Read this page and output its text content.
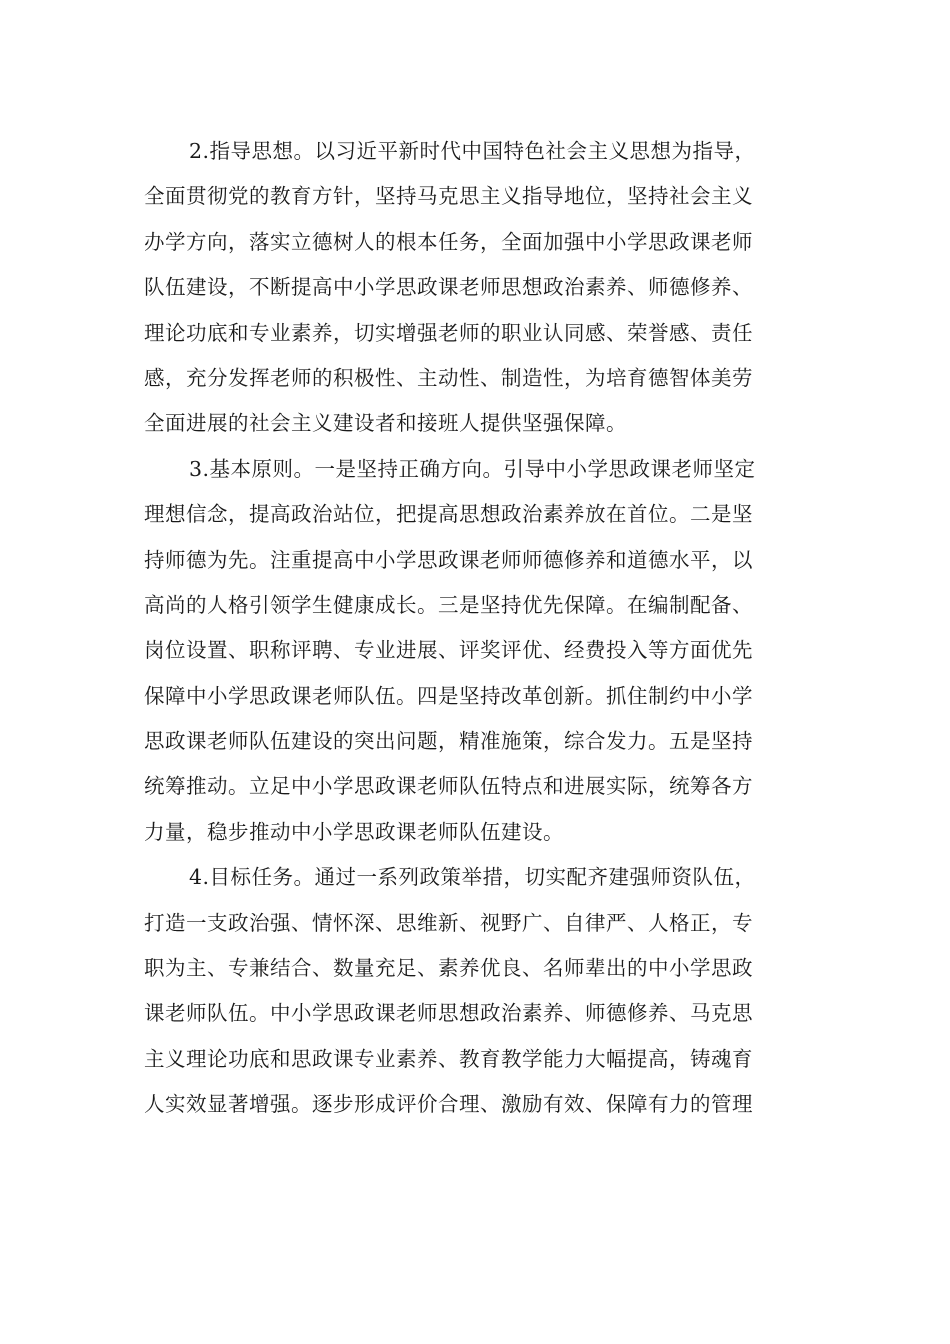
2.指导思想。以习近平新时代中国特色社会主义思想为指导，
全面贯彻党的教育方针，坚持马克思主义指导地位，坚持社会主义
办学方向，落实立德树人的根本任务，全面加强中小学思政课老师
队伍建设，不断提高中小学思政课老师思想政治素养、师德修养、
理论功底和专业素养，切实增强老师的职业认同感、荣誉感、责任
感，充分发挥老师的积极性、主动性、制造性，为培育德智体美劳
全面进展的社会主义建设者和接班人提供坚强保障。
3.基本原则。一是坚持正确方向。引导中小学思政课老师坚定
理想信念，提高政治站位，把提高思想政治素养放在首位。二是坚
持师德为先。注重提高中小学思政课老师师德修养和道德水平，以
高尚的人格引领学生健康成长。三是坚持优先保障。在编制配备、
岗位设置、职称评聘、专业进展、评奖评优、经费投入等方面优先
保障中小学思政课老师队伍。四是坚持改革创新。抓住制约中小学
思政课老师队伍建设的突出问题，精准施策，综合发力。五是坚持
统筹推动。立足中小学思政课老师队伍特点和进展实际，统筹各方
力量，稳步推动中小学思政课老师队伍建设。
4.目标任务。通过一系列政策举措，切实配齐建强师资队伍，
打造一支政治强、情怀深、思维新、视野广、自律严、人格正，专
职为主、专兼结合、数量充足、素养优良、名师辈出的中小学思政
课老师队伍。中小学思政课老师思想政治素养、师德修养、马克思
主义理论功底和思政课专业素养、教育教学能力大幅提高，铸魂育
人实效显著增强。逐步形成评价合理、激励有效、保障有力的管理
